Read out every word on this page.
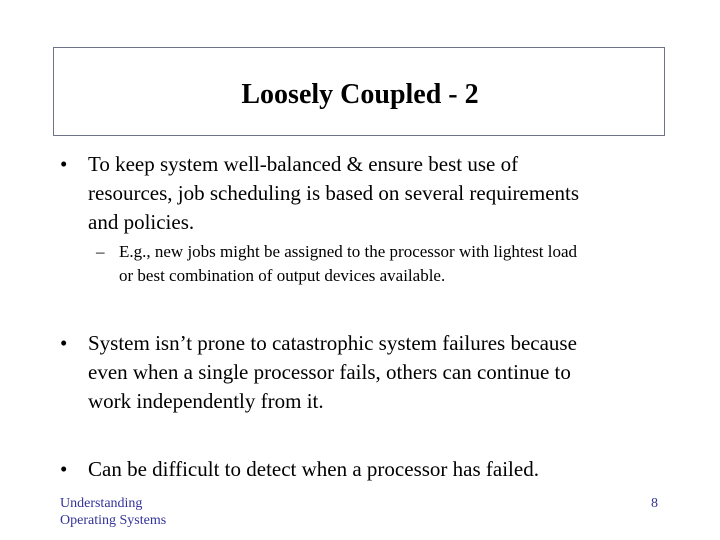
Loosely Coupled - 2
• To keep system well-balanced & ensure best use of
resources, job scheduling is based on several requirements
and policies.
– E.g., new jobs might be assigned to the processor with lightest load
or best combination of output devices available.
• System isn’t prone to catastrophic system failures because
even when a single processor fails, others can continue to
work independently from it.
• Can be difficult to detect when a processor has failed.
Understanding
Operating Systems
8
